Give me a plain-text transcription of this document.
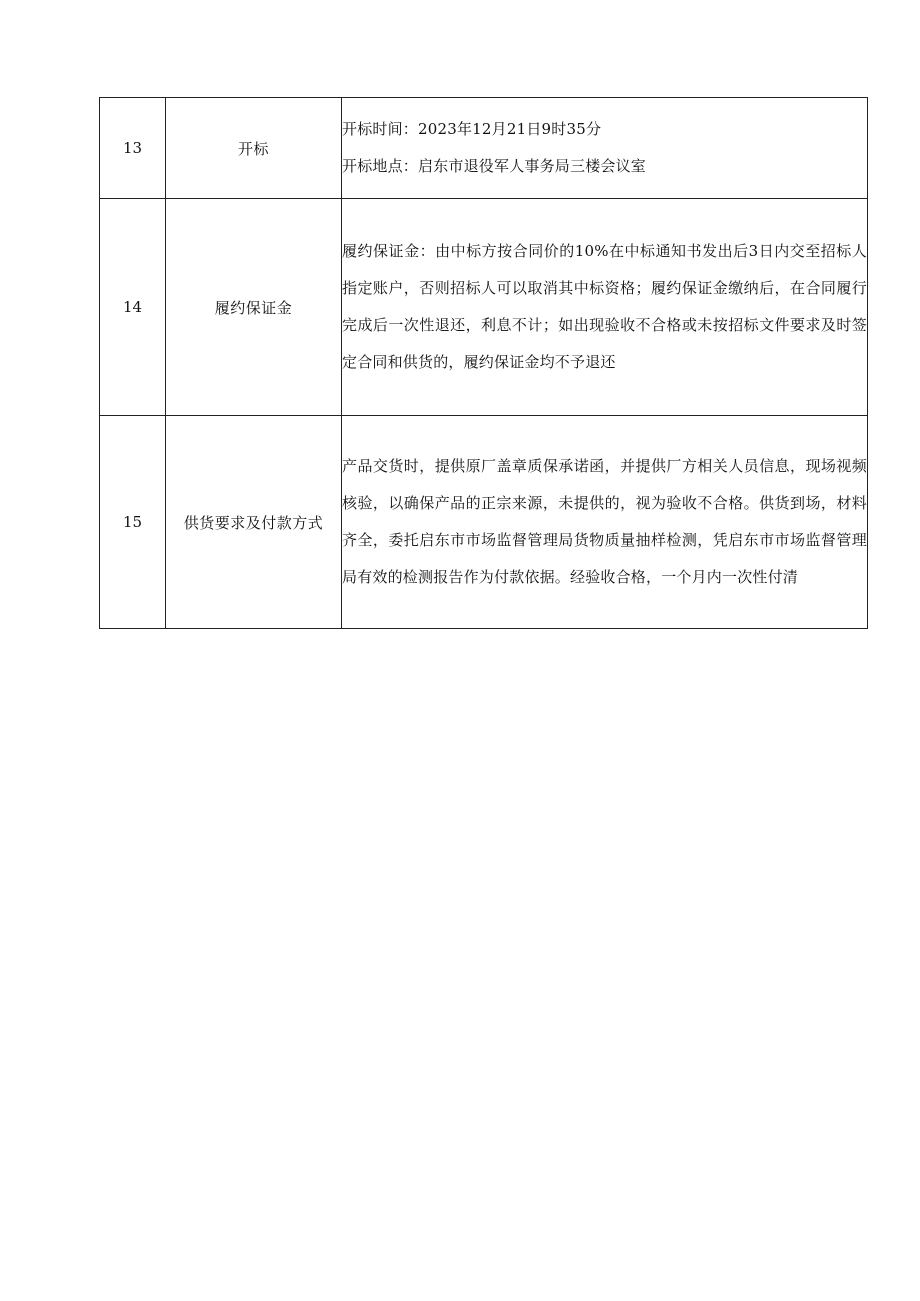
13	开标	开标时间：2023年12月21日9时35分
开标地点：启东市退役军人事务局三楼会议室

14	履约保证金	履约保证金：由中标方按合同价的10%在中标通知书发出后3日内交至招标人指定账户，否则招标人可以取消其中标资格；履约保证金缴纳后，在合同履行完成后一次性退还，利息不计；如出现验收不合格或未按招标文件要求及时签定合同和供货的，履约保证金均不予退还

15	供货要求及付款方式	产品交货时，提供原厂盖章质保承诺函，并提供厂方相关人员信息，现场视频核验，以确保产品的正宗来源，未提供的，视为验收不合格。供货到场，材料齐全，委托启东市市场监督管理局货物质量抽样检测，凭启东市市场监督管理局有效的检测报告作为付款依据。经验收合格，一个月内一次性付清
